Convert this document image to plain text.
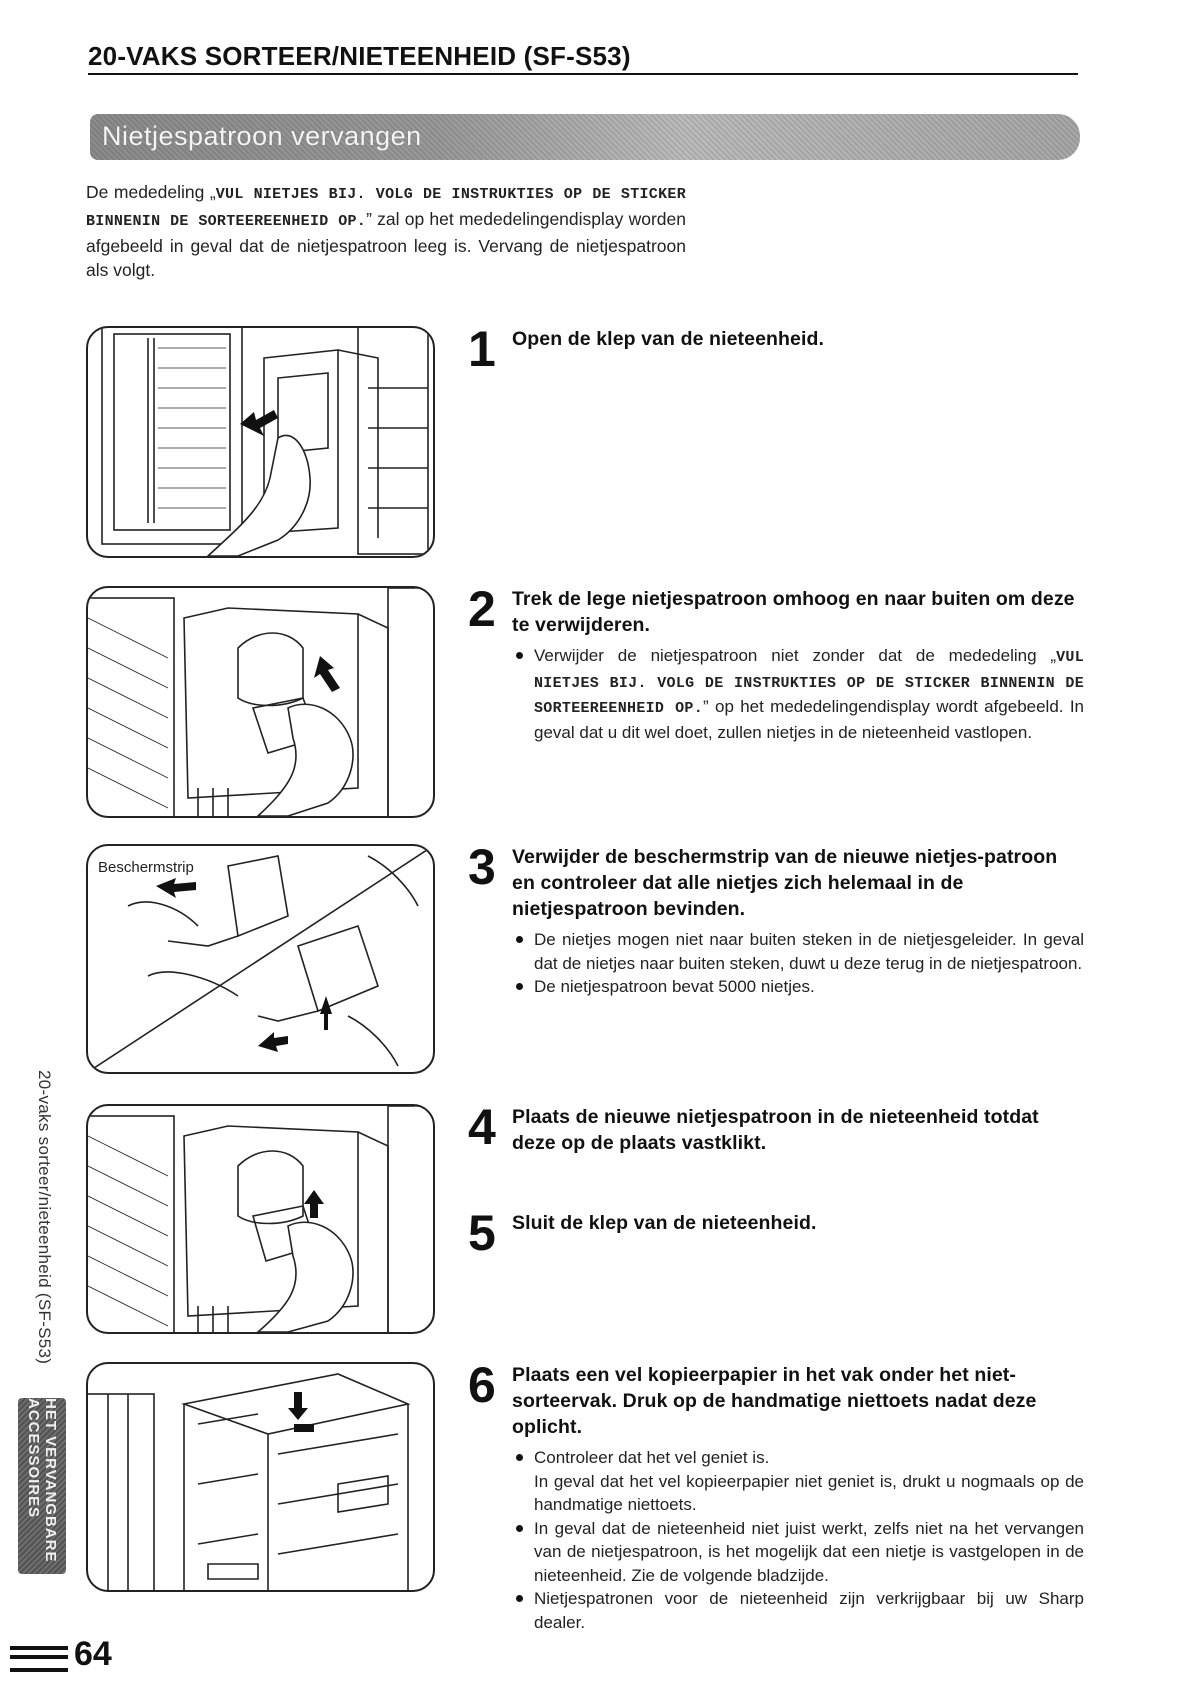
20-VAKS SORTEER/NIETEENHEID (SF-S53)
Nietjespatroon vervangen
De mededeling „VUL NIETJES BIJ. VOLG DE INSTRUKTIES OP DE STICKER BINNENIN DE SORTEEREENHEID OP.” zal op het mededelingendisplay worden afgebeeld in geval dat de nietjespatroon leeg is. Vervang de nietjespatroon als volgt.
Beschermstrip
1 Open de klep van de nieteenheid.
2 Trek de lege nietjespatroon omhoog en naar buiten om deze te verwijderen.
Verwijder de nietjespatroon niet zonder dat de mededeling „VUL NIETJES BIJ. VOLG DE INSTRUKTIES OP DE STICKER BINNENIN DE SORTEEREENHEID OP.” op het mededelingendisplay wordt afgebeeld. In geval dat u dit wel doet, zullen nietjes in de nieteenheid vastlopen.
3 Verwijder de beschermstrip van de nieuwe nietjes-patroon en controleer dat alle nietjes zich helemaal in de nietjespatroon bevinden.
De nietjes mogen niet naar buiten steken in de nietjesgeleider. In geval dat de nietjes naar buiten steken, duwt u deze terug in de nietjespatroon.
De nietjespatroon bevat 5000 nietjes.
4 Plaats de nieuwe nietjespatroon in de nieteenheid totdat deze op de plaats vastklikt.
5 Sluit de klep van de nieteenheid.
6 Plaats een vel kopieerpapier in het vak onder het niet-sorteervak. Druk op de handmatige niettoets nadat deze oplicht.
Controleer dat het vel geniet is.
In geval dat het vel kopieerpapier niet geniet is, drukt u nogmaals op de handmatige niettoets.
In geval dat de nieteenheid niet juist werkt, zelfs niet na het vervangen van de nietjespatroon, is het mogelijk dat een nietje is vastgelopen in de nieteenheid. Zie de volgende bladzijde.
Nietjespatronen voor de nieteenheid zijn verkrijgbaar bij uw Sharp dealer.
20-vaks sorteer/nieteenheid (SF-S53)
HET VERVANGBARE ACCESSOIRES
64
